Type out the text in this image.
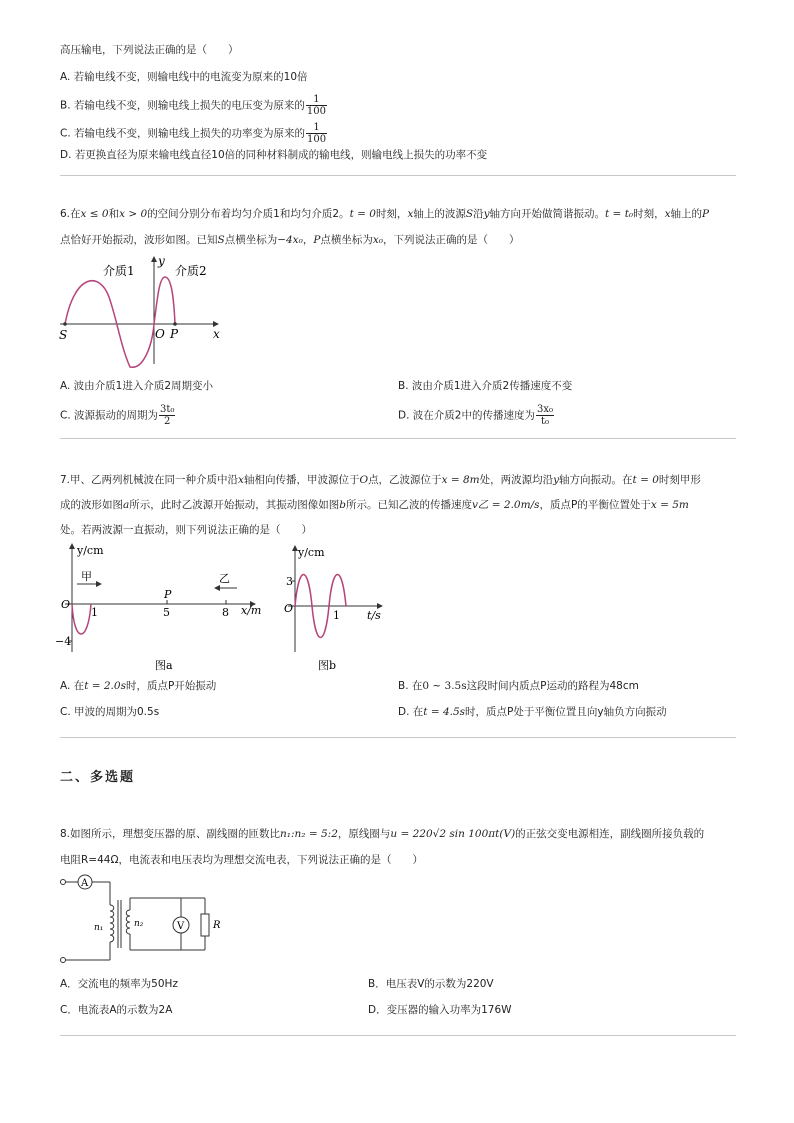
高压输电，下列说法正确的是（　　）
A. 若输电线不变，则输电线中的电流变为原来的10倍
B. 若输电线不变，则输电线上损失的电压变为原来的 $\frac{1}{100}$
C. 若输电线不变，则输电线上损失的功率变为原来的 $\frac{1}{100}$
D. 若更换直径为原来输电线直径10倍的同种材料制成的输电线，则输电线上损失的功率不变
6.在x ≤ 0和x > 0的空间分别分布着均匀介质1和均匀介质2。t = 0时刻，x轴上的波源S沿y轴方向开始做简谐振动。t = t₀时刻，x轴上的P
点恰好开始振动，波形如图。已知S点横坐标为−4x₀，P点横坐标为x₀，下列说法正确的是（　　）
介质1	介质2
y
x
S	O P
A. 波由介质1进入介质2周期变小	B. 波由介质1进入介质2传播速度不变
C. 波源振动的周期为 $\frac{\text{3t₀}}{2}$	D. 波在介质2中的传播速度为 $\frac{\text{3x₀}}{\text{t₀}}$
7.甲、乙两列机械波在同一种介质中沿x轴相向传播，甲波源位于O点，乙波源位于x = 8m处，两波源均沿y轴方向振动。在t = 0时刻甲形
成的波形如图a所示，此时乙波源开始振动，其振动图像如图b所示。已知乙波的传播速度v乙 = 2.0m/s，质点P的平衡位置处于x = 5m
处。若两波源一直振动，则下列说法正确的是（　　）
y/cm
x/m
O
甲	乙
P
1	5	8
−4
图a
y/cm
t/s
O
3
1
图b
A. 在t = 2.0s时，质点P开始振动	B. 在0 ∼ 3.5s这段时间内质点P运动的路程为48cm
C. 甲波的周期为0.5s	D. 在t = 4.5s时，质点P处于平衡位置且向y轴负方向振动
二、多选题
8.如图所示，理想变压器的原、副线圈的匝数比n₁:n₂ = 5:2，原线圈与u = 220√2 sin 100πt(V)的正弦交变电源相连，副线圈所接负载的
电阻R=44Ω，电流表和电压表均为理想交流电表，下列说法正确的是（　　）
A
V	R
n₁	n₂
A．交流电的频率为50Hz	B．电压表V的示数为220V
C．电流表A的示数为2A	D．变压器的输入功率为176W
